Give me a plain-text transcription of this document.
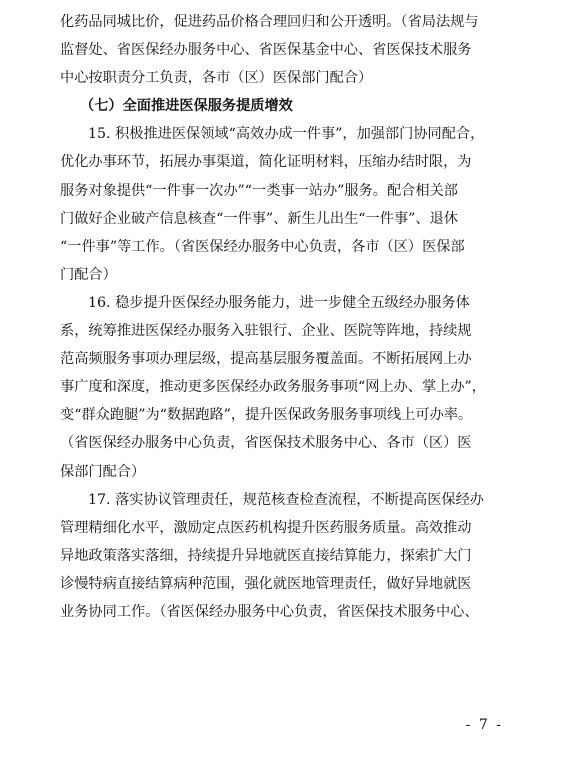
化药品同城比价，促进药品价格合理回归和公开透明。（省局法规与
监督处、省医保经办服务中心、省医保基金中心、省医保技术服务
中心按职责分工负责，各市（区）医保部门配合）
（七）全面推进医保服务提质增效
15. 积极推进医保领域“高效办成一件事”，加强部门协同配合，
优化办事环节，拓展办事渠道，简化证明材料，压缩办结时限，为
服务对象提供“一件事一次办”“一类事一站办”服务。配合相关部
门做好企业破产信息核查“一件事”、新生儿出生“一件事”、退休
“一件事”等工作。（省医保经办服务中心负责，各市（区）医保部
门配合）
16. 稳步提升医保经办服务能力，进一步健全五级经办服务体
系，统筹推进医保经办服务入驻银行、企业、医院等阵地，持续规
范高频服务事项办理层级，提高基层服务覆盖面。不断拓展网上办
事广度和深度，推动更多医保经办政务服务事项“网上办、掌上办”，
变“群众跑腿”为“数据跑路”，提升医保政务服务事项线上可办率。
（省医保经办服务中心负责，省医保技术服务中心、各市（区）医
保部门配合）
17. 落实协议管理责任，规范核查检查流程，不断提高医保经办
管理精细化水平，激励定点医药机构提升医药服务质量。高效推动
异地政策落实落细，持续提升异地就医直接结算能力，探索扩大门
诊慢特病直接结算病种范围，强化就医地管理责任，做好异地就医
业务协同工作。（省医保经办服务中心负责，省医保技术服务中心、
- 7 -
